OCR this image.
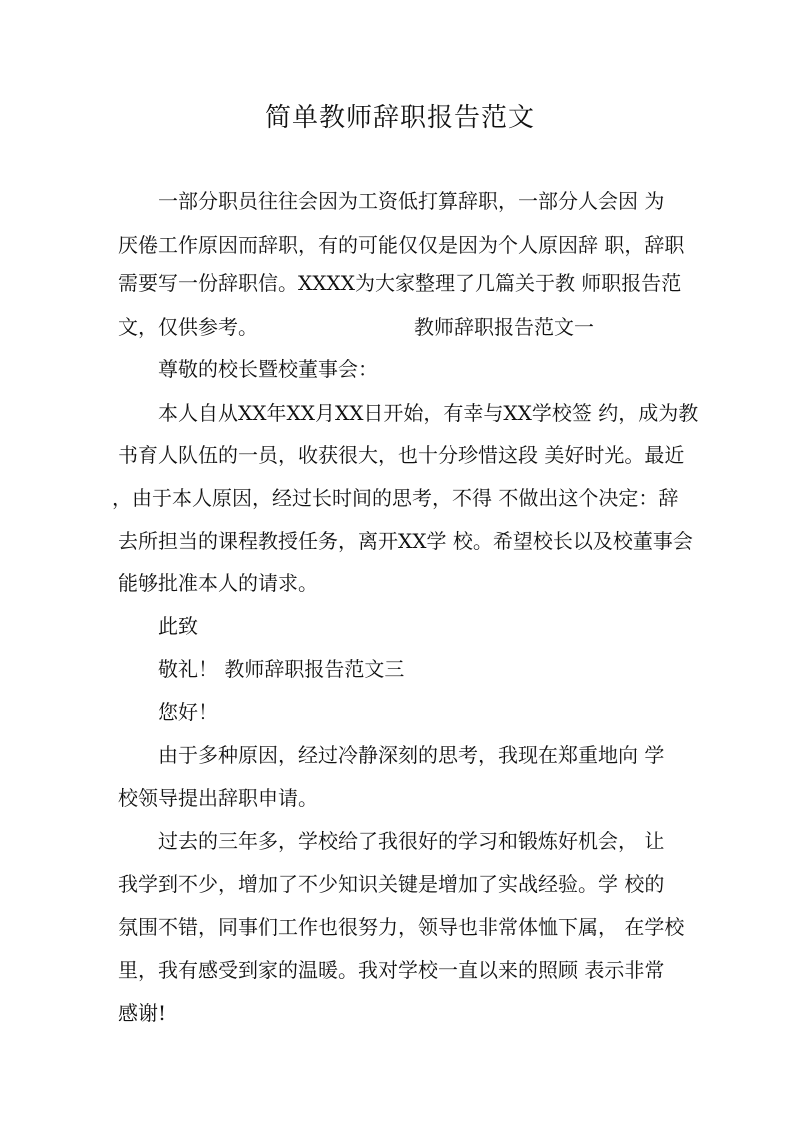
简单教师辞职报告范文

一部分职员往往会因为工资低打算辞职，一部分人会因 为

厌倦工作原因而辞职，有的可能仅仅是因为个人原因辞 职，辞职

需要写一份辞职信。XXXX为大家整理了几篇关于教 师职报告范

文，仅供参考。	教师辞职报告范文一

尊敬的校长暨校董事会：

本人自从XX年XX月XX日开始，有幸与XX学校签 约，成为教

书育人队伍的一员，收获很大，也十分珍惜这段 美好时光。最近

，由于本人原因，经过长时间的思考，不得 不做出这个决定：辞

去所担当的课程教授任务，离开XX学 校。希望校长以及校董事会

能够批准本人的请求。

此致

敬礼！ 教师辞职报告范文三

您好！

由于多种原因，经过冷静深刻的思考，我现在郑重地向 学

校领导提出辞职申请。

过去的三年多，学校给了我很好的学习和锻炼好机会， 让

我学到不少，增加了不少知识关键是增加了实战经验。学 校的

氛围不错，同事们工作也很努力，领导也非常体恤下属， 在学校

里，我有感受到家的温暖。我对学校一直以来的照顾 表示非常

感谢!
